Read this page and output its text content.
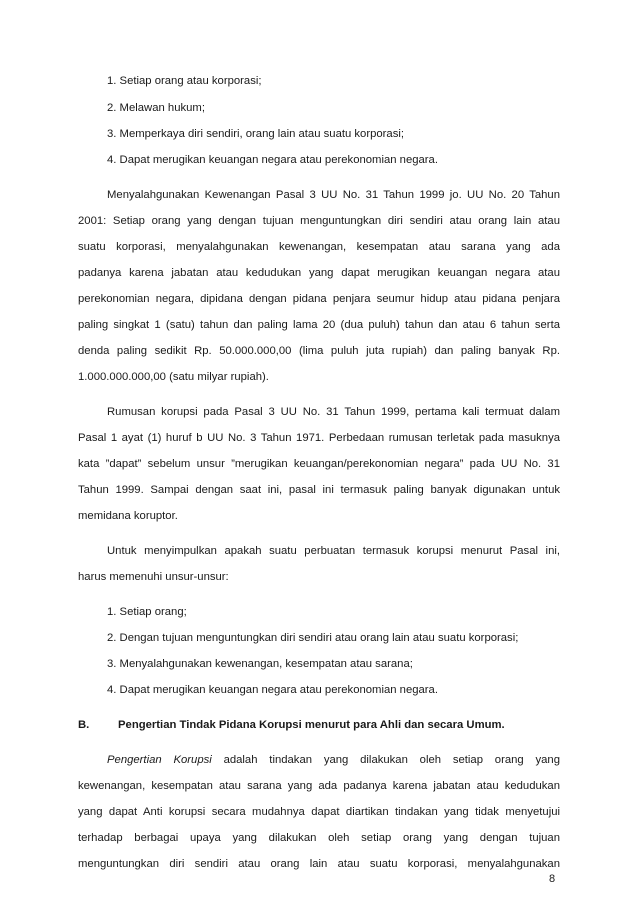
1. Setiap orang atau korporasi;

2. Melawan hukum;

3. Memperkaya diri sendiri, orang lain atau suatu korporasi;

4. Dapat merugikan keuangan negara atau perekonomian negara.

Menyalahgunakan Kewenangan Pasal 3 UU No. 31 Tahun 1999 jo. UU No. 20 Tahun

2001: Setiap orang yang dengan tujuan menguntungkan diri sendiri atau orang lain atau

suatu korporasi, menyalahgunakan kewenangan, kesempatan atau sarana yang ada

padanya karena jabatan atau kedudukan yang dapat merugikan keuangan negara atau

perekonomian negara, dipidana dengan pidana penjara seumur hidup atau pidana penjara

paling singkat 1 (satu) tahun dan paling lama 20 (dua puluh) tahun dan atau 6 tahun serta

denda paling sedikit Rp. 50.000.000,00 (lima puluh juta rupiah) dan paling banyak Rp.

1.000.000.000,00 (satu milyar rupiah).

Rumusan korupsi pada Pasal 3 UU No. 31 Tahun 1999, pertama kali termuat dalam

Pasal 1 ayat (1) huruf b UU No. 3 Tahun 1971. Perbedaan rumusan terletak pada masuknya

kata ”dapat” sebelum unsur ”merugikan keuangan/perekonomian negara” pada UU No. 31

Tahun 1999. Sampai dengan saat ini, pasal ini termasuk paling banyak digunakan untuk

memidana koruptor.

Untuk menyimpulkan apakah suatu perbuatan termasuk korupsi menurut Pasal ini,

harus memenuhi unsur-unsur:

1. Setiap orang;

2. Dengan tujuan menguntungkan diri sendiri atau orang lain atau suatu korporasi;

3. Menyalahgunakan kewenangan, kesempatan atau sarana;

4. Dapat merugikan keuangan negara atau perekonomian negara.

B.	Pengertian Tindak Pidana Korupsi menurut para Ahli dan secara Umum.

Pengertian Korupsi adalah tindakan yang dilakukan oleh setiap orang yang

kewenangan, kesempatan atau sarana yang ada padanya karena jabatan atau kedudukan

yang dapat Anti korupsi secara mudahnya dapat diartikan tindakan yang tidak menyetujui

terhadap berbagai upaya yang dilakukan oleh setiap orang yang dengan tujuan

menguntungkan diri sendiri atau orang lain atau suatu korporasi, menyalahgunakan

8
